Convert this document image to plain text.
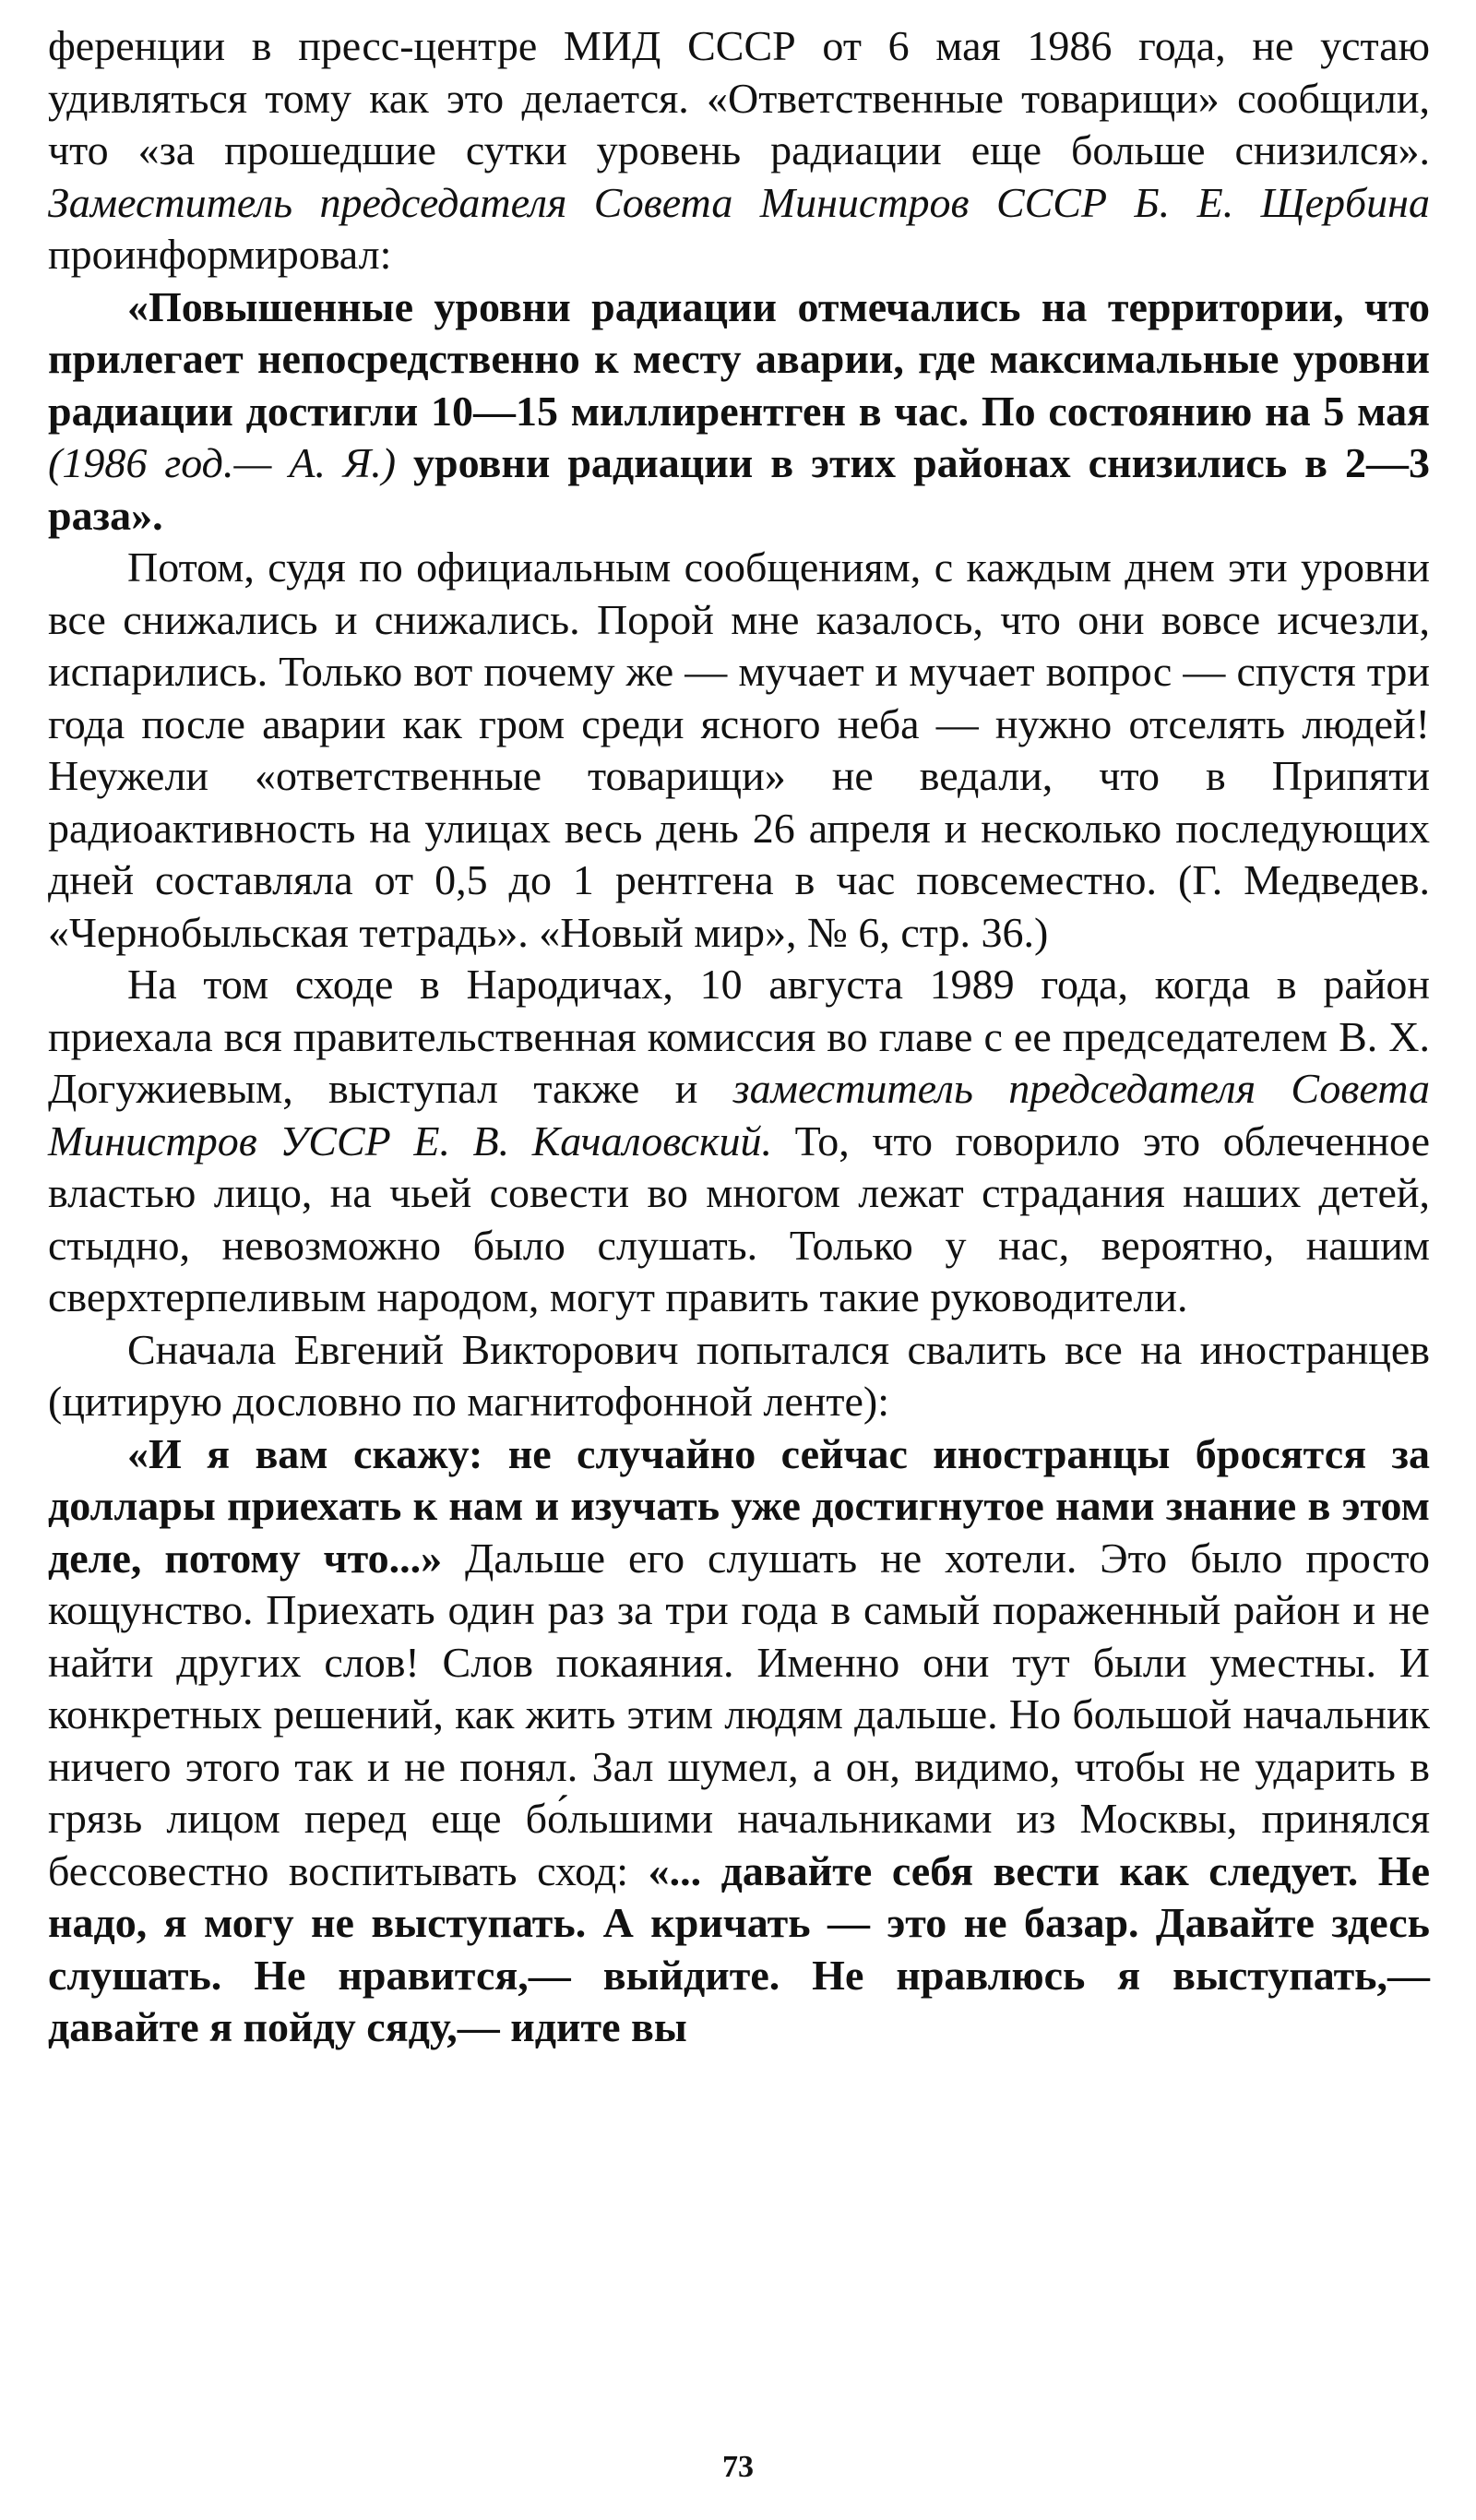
ференции в пресс-центре МИД СССР от 6 мая 1986 года, не устаю удивляться тому как это делается. «Ответственные товарищи» сообщили, что «за прошедшие сутки уровень радиации еще больше снизился». Заместитель председателя Совета Министров СССР Б. Е. Щербина проинформировал:

«Повышенные уровни радиации отмечались на территории, что прилегает непосредственно к месту аварии, где максимальные уровни радиации достигли 10—15 миллирентген в час. По состоянию на 5 мая (1986 год.— А. Я.) уровни радиации в этих районах снизились в 2—3 раза».

Потом, судя по официальным сообщениям, с каждым днем эти уровни все снижались и снижались. Порой мне казалось, что они вовсе исчезли, испарились. Только вот почему же — мучает и мучает вопрос — спустя три года после аварии как гром среди ясного неба — нужно отселять людей! Неужели «ответственные товарищи» не ведали, что в Припяти радиоактивность на улицах весь день 26 апреля и несколько последующих дней составляла от 0,5 до 1 рентгена в час повсеместно. (Г. Медведев. «Чернобыльская тетрадь». «Новый мир», № 6, стр. 36.)

На том сходе в Народичах, 10 августа 1989 года, когда в район приехала вся правительственная комиссия во главе с ее председателем В. Х. Догужиевым, выступал также и заместитель председателя Совета Министров УССР Е. В. Качаловский. То, что говорило это облеченное властью лицо, на чьей совести во многом лежат страдания наших детей, стыдно, невозможно было слушать. Только у нас, вероятно, нашим сверхтерпеливым народом, могут править такие руководители.

Сначала Евгений Викторович попытался свалить все на иностранцев (цитирую дословно по магнитофонной ленте):

«И я вам скажу: не случайно сейчас иностранцы бросятся за доллары приехать к нам и изучать уже достигнутое нами знание в этом деле, потому что...» Дальше его слушать не хотели. Это было просто кощунство. Приехать один раз за три года в самый пораженный район и не найти других слов! Слов покаяния. Именно они тут были уместны. И конкретных решений, как жить этим людям дальше. Но большой начальник ничего этого так и не понял. Зал шумел, а он, видимо, чтобы не ударить в грязь лицом перед еще бо́льшими начальниками из Москвы, принялся бессовестно воспитывать сход: «... давайте себя вести как следует. Не надо, я могу не выступать. А кричать — это не базар. Давайте здесь слушать. Не нравится,— выйдите. Не нравлюсь я выступать,— давайте я пойду сяду,— идите вы

73
